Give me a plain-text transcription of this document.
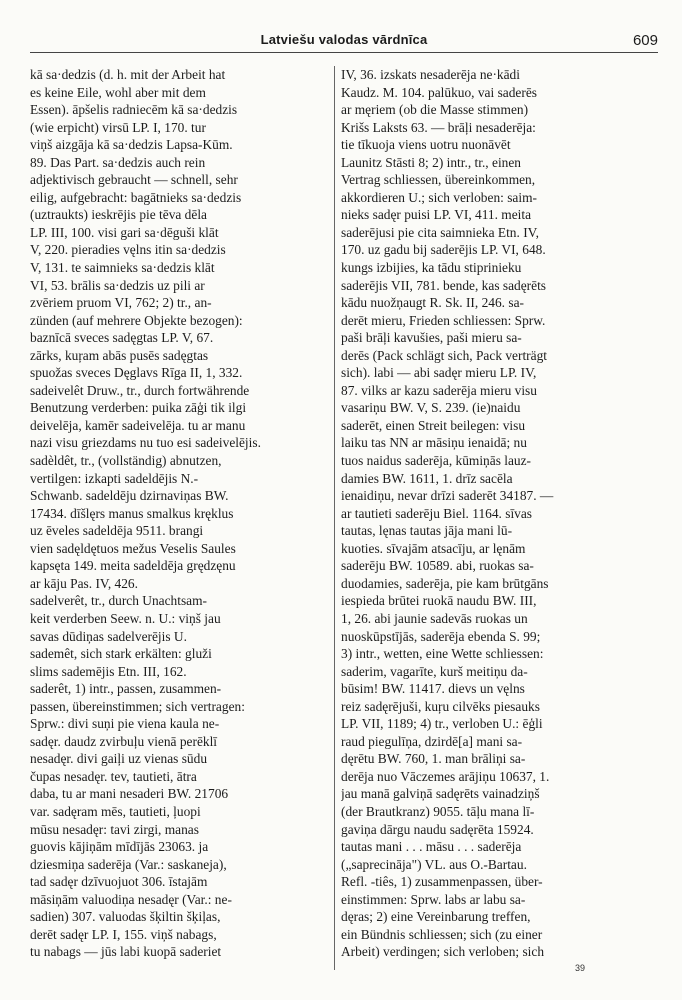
Latviešu valodas vārdnīca	609
kā sa·dedzis (d. h. mit der Arbeit hat
es keine Eile, wohl aber mit dem
Essen). āpšelis radniecēm kā sa·dedzis
(wie erpicht) virsū LP. I, 170. tur
viņš aizgāja kā sa·dedzis Lapsa-Kūm.
89. Das Part. sa·dedzis auch rein
adjektivisch gebraucht — schnell, sehr
eilig, aufgebracht: bagātnieks sa·dedzis
(uztraukts) ieskrējis pie tēva dēla
LP. III, 100. visi gari sa·dēguši klāt
V, 220. pieradies vęlns itin sa·dedzis
V, 131. te saimnieks sa·dedzis klāt
VI, 53. brālis sa·dedzis uz pili ar
zvēriem pruom VI, 762; 2) tr., an-
zünden (auf mehrere Objekte bezogen):
baznīcā sveces sadęgtas LP. V, 67.
zārks, kuŗam abās pusēs sadęgtas
spuožas sveces Dęglavs Rīga II, 1, 332.
sadeivelêt Druw., tr., durch fortwährende
Benutzung verderben: puika zāģi tik ilgi
deivelēja, kamēr sadeivelēja. tu ar manu
nazi visu griezdams nu tuo esi sadeivelējis.
sadèldêt, tr., (vollständig) abnutzen,
vertilgen: izkapti sadeldējis N.-
Schwanb. sadeldēju dzirnaviņas BW.
17434. dīšlęrs manus smalkus kręklus
uz ēveles sadeldēja 9511. brangi
vien sadęldętuos mežus Veselis Saules
kapsęta 149. meita sadeldēja grędzęnu
ar kāju Pas. IV, 426.
sadelverêt, tr., durch Unachtsam-
keit verderben Seew. n. U.: viņš jau
savas dūdiņas sadelverējis U.
sademêt, sich stark erkälten: gluži
slims sademējis Etn. III, 162.
saderêt, 1) intr., passen, zusammen-
passen, übereinstimmen; sich vertragen:
Sprw.: divi suņi pie viena kaula ne-
sadęr. daudz zvirbuļu vienā perēklī
nesadęr. divi gaiļi uz vienas sūdu
čupas nesadęr. tev, tautieti, ātra
daba, tu ar mani nesaderi BW. 21706
var. sadęram mēs, tautieti, ļuopi
mūsu nesadęr: tavi zirgi, manas
guovis kājiņām mīdījās 23063. ja
dziesmiņa saderēja (Var.: saskaneja),
tad sadęr dzīvuojuot 306. īstajām
māsiņām valuodiņa nesadęr (Var.: ne-
sadien) 307. valuodas šķiltin šķiļas,
derēt sadęr LP. I, 155. viņš nabags,
tu nabags — jūs labi kuopā saderiet
IV, 36. izskats nesaderēja ne·kādi
Kaudz. M. 104. palūkuo, vai saderēs
ar męriem (ob die Masse stimmen)
Krišs Laksts 63. — brāļi nesaderēja:
tie tīkuoja viens uotru nuonāvēt
Launitz Stāsti 8; 2) intr., tr., einen
Vertrag schliessen, übereinkommen,
akkordieren U.; sich verloben: saim-
nieks sadęr puisi LP. VI, 411. meita
saderējusi pie cita saimnieka Etn. IV,
170. uz gadu bij saderējis LP. VI, 648.
kungs izbijies, ka tādu stiprinieku
saderējis VII, 781. bende, kas sadęrēts
kādu nuožņaugt R. Sk. II, 246. sa-
derēt mieru, Frieden schliessen: Sprw.
paši brāļi kavušies, paši mieru sa-
derēs (Pack schlägt sich, Pack verträgt
sich). labi — abi sadęr mieru LP. IV,
87. vilks ar kazu saderēja mieru visu
vasariņu BW. V, S. 239. (ie)naidu
saderēt, einen Streit beilegen: visu
laiku tas NN ar māsiņu ienaidā; nu
tuos naidus saderēja, kūmiņās lauz-
damies BW. 1611, 1. drīz sacēla
ienaidiņu, nevar drīzi saderēt 34187. —
ar tautieti saderēju Biel. 1164. sīvas
tautas, lęnas tautas jāja mani lū-
kuoties. sīvajām atsacīju, ar lęnām
saderēju BW. 10589. abi, ruokas sa-
duodamies, saderēja, pie kam brūtgāns
iespieda brūtei ruokā naudu BW. III,
1, 26. abi jaunie sadevās ruokas un
nuoskūpstījās, saderēja ebenda S. 99;
3) intr., wetten, eine Wette schliessen:
saderim, vagarīte, kurš meitiņu da-
būsim! BW. 11417. dievs un vęlns
reiz sadęrējuši, kuŗu cilvēks piesauks
LP. VII, 1189; 4) tr., verloben U.: ēģli
raud piegulīņa, dzirdē[a] mani sa-
dęrētu BW. 760, 1. man brāliņi sa-
derēja nuo Vāczemes arājiņu 10637, 1.
jau manā galviņā sadęrēts vainadziņš
(der Brautkranz) 9055. tāļu mana lī-
gaviņa dārgu naudu sadęrēta 15924.
tautas mani . . . māsu . . . saderēja
(„saprecināja") VL. aus O.-Bartau.
Refl. -tiês, 1) zusammenpassen, über-
einstimmen: Sprw. labs ar labu sa-
dęras; 2) eine Vereinbarung treffen,
ein Bündnis schliessen; sich (zu einer
Arbeit) verdingen; sich verloben; sich
39
